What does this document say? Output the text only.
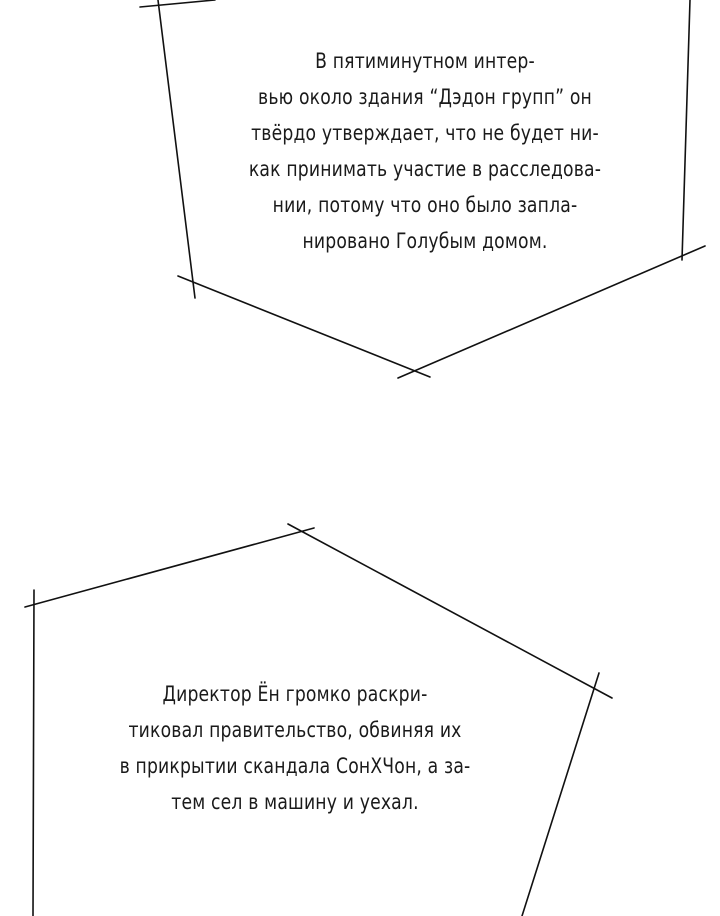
В пятиминутном интер-
вью около здания “Дэдон групп” он
твёрдо утверждает, что не будет ни-
как принимать участие в расследова-
нии, потому что оно было запла-
нировано Голубым домом.
Директор Ён громко раскри-
тиковал правительство, обвиняя их
в прикрытии скандала СонХЧон, а за-
тем сел в машину и уехал.
